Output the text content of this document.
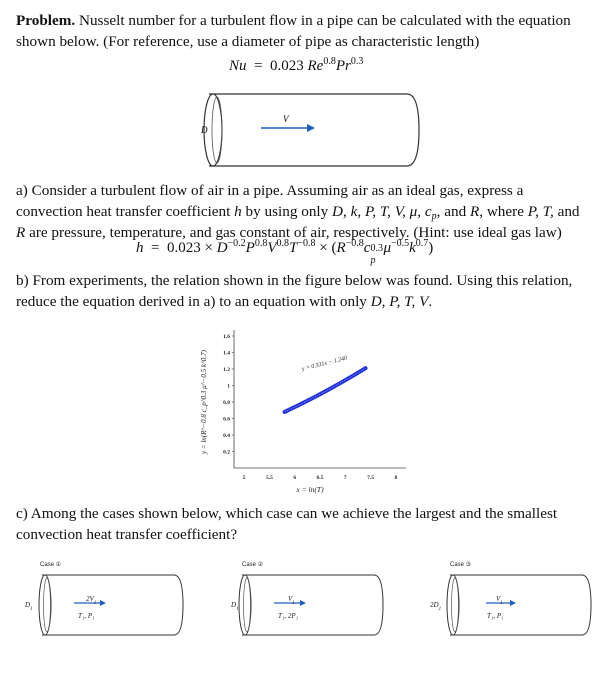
Problem. Nusselt number for a turbulent flow in a pipe can be calculated with the equation shown below. (For reference, use a diameter of pipe as characteristic length)
Nu = 0.023 $Re^{0.8}Pr^{0.3}$
D
V
a) Consider a turbulent flow of air in a pipe. Assuming air as an ideal gas, express a convection heat transfer coefficient h by using only D, k, P, T, V, μ, $c_p$, and R, where P, T, and R are pressure, temperature, and gas constant of air, respectively. (Hint: use ideal gas law)
$h = 0.023 \times D^{-0.2}P^{0.8}V^{0.8}T^{-0.8} \times (R^{-0.8}c$ 0.3
p
$\mu^{-0.5}k^{0.7}$)
b) From experiments, the relation shown in the figure below was found. Using this relation, reduce the equation derived in a) to an equation with only D, P, T, V.
0.2
0.4
0.6
0.8
1
1.2
1.4
1.6
5	5.5	6	6.5	7	7.5	8
y = 0.331x − 1.240
x = ln(T)
y = ln(R^−0.8 c_p^0.3 μ^−0.5 k^0.7)
c) Among the cases shown below, which case can we achieve the largest and the smallest convection heat transfer coefficient?
Case ①
$D_1$
$2V_1$
T₁, P₁
Case ②
$D_1$
$V_1$
T₁, 2P₁
Case ③
$2D_1$
$V_1$
T₁, P₁
